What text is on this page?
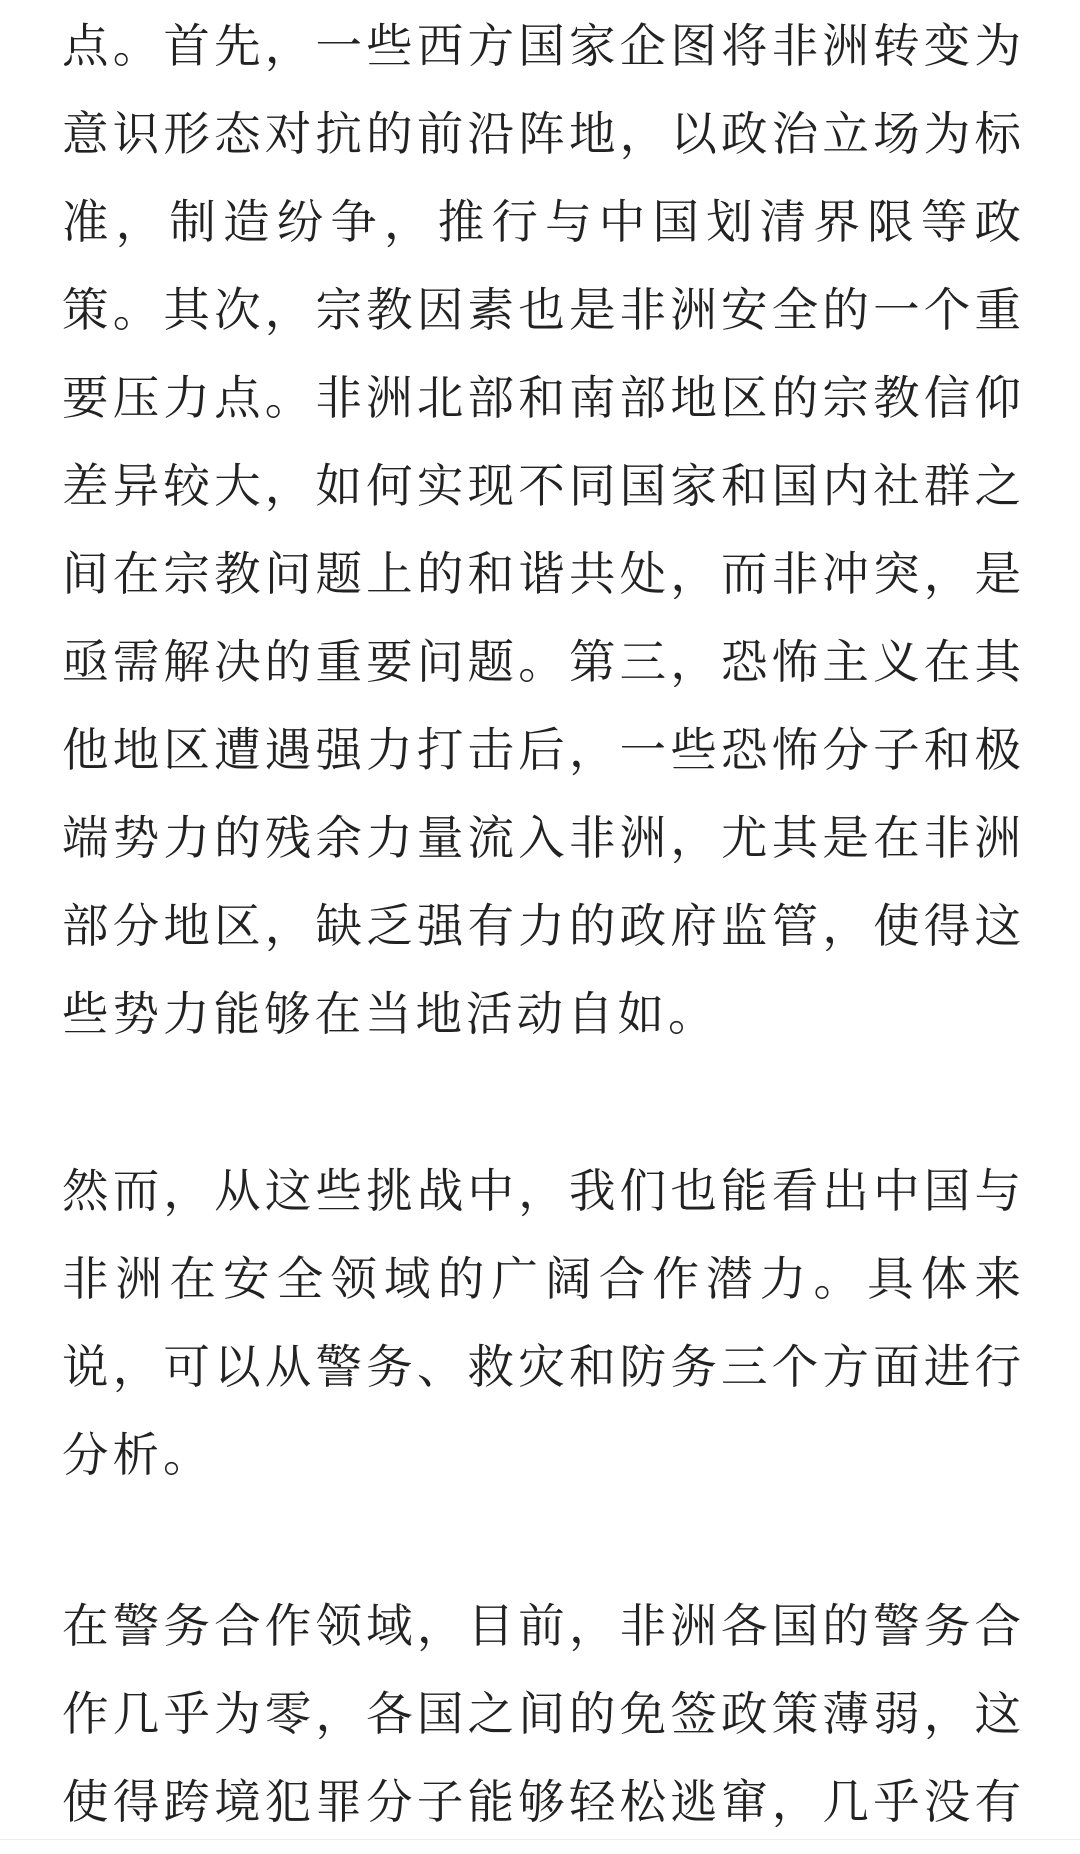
点。首先，一些西方国家企图将非洲转变为
意识形态对抗的前沿阵地，以政治立场为标
准，制造纷争，推行与中国划清界限等政
策。其次，宗教因素也是非洲安全的一个重
要压力点。非洲北部和南部地区的宗教信仰
差异较大，如何实现不同国家和国内社群之
间在宗教问题上的和谐共处，而非冲突，是
亟需解决的重要问题。第三，恐怖主义在其
他地区遭遇强力打击后，一些恐怖分子和极
端势力的残余力量流入非洲，尤其是在非洲
部分地区，缺乏强有力的政府监管，使得这
些势力能够在当地活动自如。
然而，从这些挑战中，我们也能看出中国与
非洲在安全领域的广阔合作潜力。具体来
说，可以从警务、救灾和防务三个方面进行
分析。
在警务合作领域，目前，非洲各国的警务合
作几乎为零，各国之间的免签政策薄弱，这
使得跨境犯罪分子能够轻松逃窜，几乎没有
